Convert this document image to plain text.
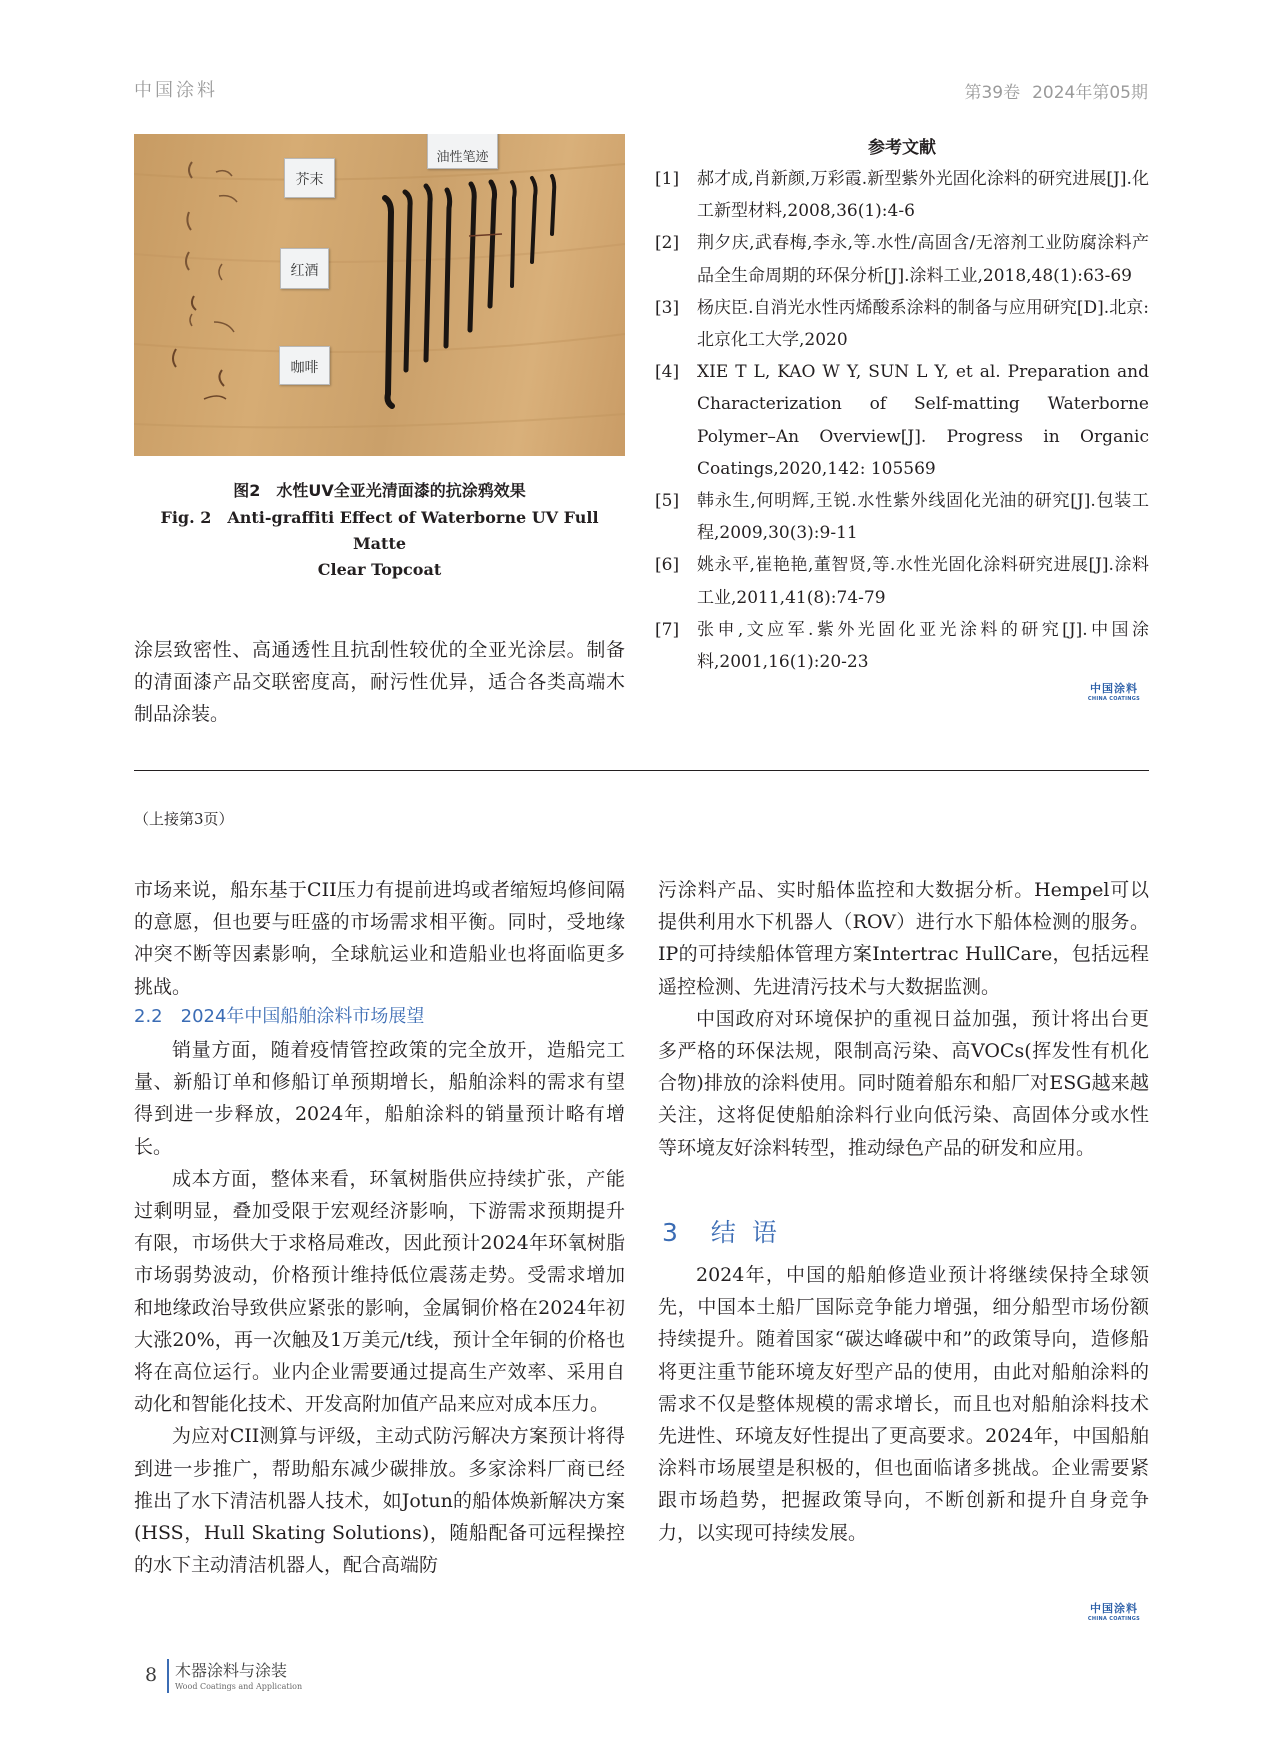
中国涂料	第39卷 2024年第05期
芥末
红酒
咖啡
油性笔迹
图2　水性UV全亚光清面漆的抗涂鸦效果
Fig. 2　Anti-graffiti Effect of Waterborne UV Full Matte
Clear Topcoat

涂层致密性、高通透性且抗刮性较优的全亚光涂层。制备的清面漆产品交联密度高，耐污性优异，适合各类高端木制品涂装。

参考文献
[1]	郝才成,肖新颜,万彩霞.新型紫外光固化涂料的研究进展[J].化工新型材料,2008,36(1):4-6
[2]	荆夕庆,武春梅,李永,等.水性/高固含/无溶剂工业防腐涂料产品全生命周期的环保分析[J].涂料工业,2018,48(1):63-69
[3]	杨庆臣.自消光水性丙烯酸系涂料的制备与应用研究[D].北京:北京化工大学,2020
[4]	XIE T L, KAO W Y, SUN L Y, et al. Preparation and Characterization of Self-matting Waterborne Polymer–An Overview[J]. Progress in Organic Coatings,2020,142: 105569
[5]	韩永生,何明辉,王锐.水性紫外线固化光油的研究[J].包装工程,2009,30(3):9-11
[6]	姚永平,崔艳艳,董智贤,等.水性光固化涂料研究进展[J].涂料工业,2011,41(8):74-79
[7]	张申,文应军.紫外光固化亚光涂料的研究[J].中国涂料,2001,16(1):20-23
中国涂料
CHINA COATINGS
（上接第3页）

市场来说，船东基于CII压力有提前进坞或者缩短坞修间隔的意愿，但也要与旺盛的市场需求相平衡。同时，受地缘冲突不断等因素影响，全球航运业和造船业也将面临更多挑战。

2.2　2024年中国船舶涂料市场展望

销量方面，随着疫情管控政策的完全放开，造船完工量、新船订单和修船订单预期增长，船舶涂料的需求有望得到进一步释放，2024年，船舶涂料的销量预计略有增长。

成本方面，整体来看，环氧树脂供应持续扩张，产能过剩明显，叠加受限于宏观经济影响，下游需求预期提升有限，市场供大于求格局难改，因此预计2024年环氧树脂市场弱势波动，价格预计维持低位震荡走势。受需求增加和地缘政治导致供应紧张的影响，金属铜价格在2024年初大涨20%，再一次触及1万美元/t线，预计全年铜的价格也将在高位运行。业内企业需要通过提高生产效率、采用自动化和智能化技术、开发高附加值产品来应对成本压力。

为应对CII测算与评级，主动式防污解决方案预计将得到进一步推广，帮助船东减少碳排放。多家涂料厂商已经推出了水下清洁机器人技术，如Jotun的船体焕新解决方案(HSS，Hull Skating Solutions)，随船配备可远程操控的水下主动清洁机器人，配合高端防

污涂料产品、实时船体监控和大数据分析。Hempel可以提供利用水下机器人（ROV）进行水下船体检测的服务。IP的可持续船体管理方案Intertrac HullCare，包括远程遥控检测、先进清污技术与大数据监测。

中国政府对环境保护的重视日益加强，预计将出台更多严格的环保法规，限制高污染、高VOCs(挥发性有机化合物)排放的涂料使用。同时随着船东和船厂对ESG越来越关注，这将促使船舶涂料行业向低污染、高固体分或水性等环境友好涂料转型，推动绿色产品的研发和应用。

3　结 语

2024年，中国的船舶修造业预计将继续保持全球领先，中国本土船厂国际竞争能力增强，细分船型市场份额持续提升。随着国家“碳达峰碳中和”的政策导向，造修船将更注重节能环境友好型产品的使用，由此对船舶涂料的需求不仅是整体规模的需求增长，而且也对船舶涂料技术先进性、环境友好性提出了更高要求。2024年，中国船舶涂料市场展望是积极的，但也面临诸多挑战。企业需要紧跟市场趋势，把握政策导向，不断创新和提升自身竞争力，以实现可持续发展。

中国涂料
CHINA COATINGS
8 木器涂料与涂装
Wood Coatings and Application
